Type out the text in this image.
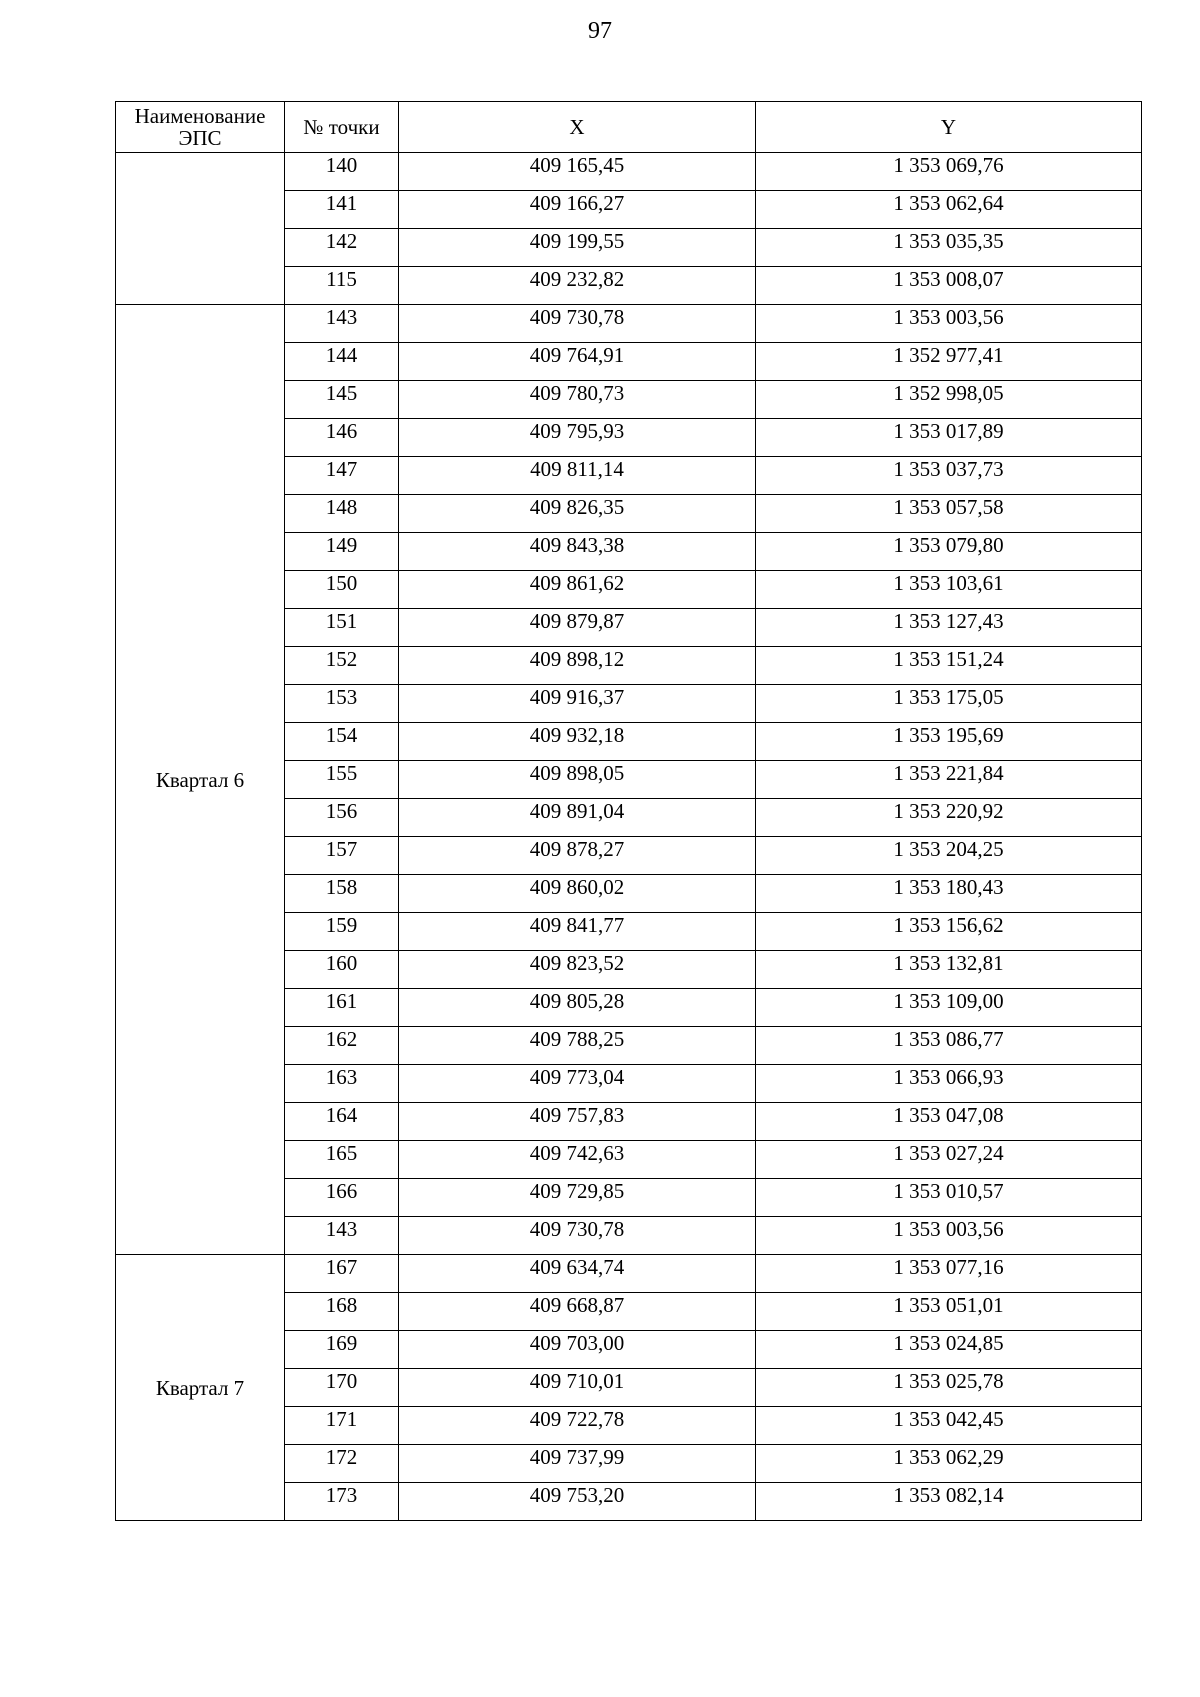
97
Наименование ЭПС	№ точки	X	Y
	140	409 165,45	1 353 069,76
	141	409 166,27	1 353 062,64
	142	409 199,55	1 353 035,35
	115	409 232,82	1 353 008,07
Квартал 6	143	409 730,78	1 353 003,56
	144	409 764,91	1 352 977,41
	145	409 780,73	1 352 998,05
	146	409 795,93	1 353 017,89
	147	409 811,14	1 353 037,73
	148	409 826,35	1 353 057,58
	149	409 843,38	1 353 079,80
	150	409 861,62	1 353 103,61
	151	409 879,87	1 353 127,43
	152	409 898,12	1 353 151,24
	153	409 916,37	1 353 175,05
	154	409 932,18	1 353 195,69
	155	409 898,05	1 353 221,84
	156	409 891,04	1 353 220,92
	157	409 878,27	1 353 204,25
	158	409 860,02	1 353 180,43
	159	409 841,77	1 353 156,62
	160	409 823,52	1 353 132,81
	161	409 805,28	1 353 109,00
	162	409 788,25	1 353 086,77
	163	409 773,04	1 353 066,93
	164	409 757,83	1 353 047,08
	165	409 742,63	1 353 027,24
	166	409 729,85	1 353 010,57
	143	409 730,78	1 353 003,56
Квартал 7	167	409 634,74	1 353 077,16
	168	409 668,87	1 353 051,01
	169	409 703,00	1 353 024,85
	170	409 710,01	1 353 025,78
	171	409 722,78	1 353 042,45
	172	409 737,99	1 353 062,29
	173	409 753,20	1 353 082,14
